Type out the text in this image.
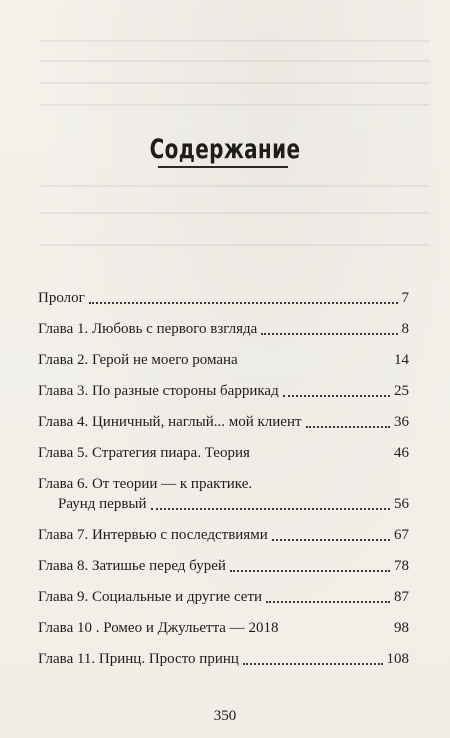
Содержание
Пролог	7
Глава 1. Любовь с первого взгляда	8
Глава 2. Герой не моего романа	14
Глава 3. По разные стороны баррикад	25
Глава 4. Циничный, наглый... мой клиент	36
Глава 5. Стратегия пиара. Теория	46
Глава 6. От теории — к практике.
Раунд первый	56
Глава 7. Интервью с последствиями	67
Глава 8. Затишье перед бурей	78
Глава 9. Социальные и другие сети	87
Глава 10 . Ромео и Джульетта — 2018	98
Глава 11. Принц. Просто принц	108
350
